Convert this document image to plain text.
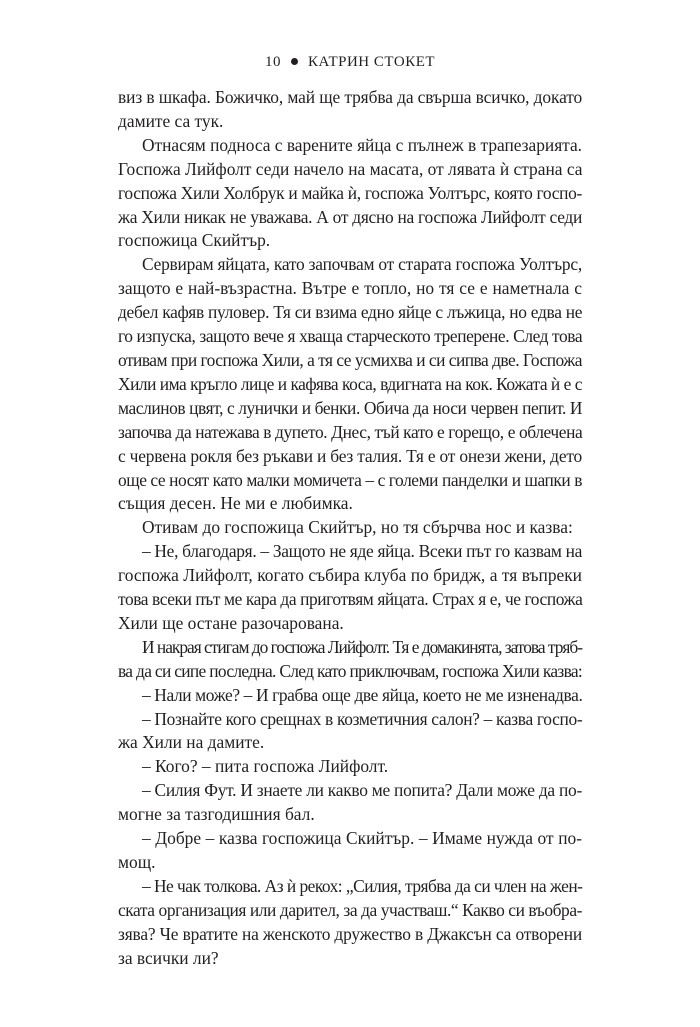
10 КАТРИН СТОКЕТ
виз в шкафа. Божичко, май ще трябва да свърша всичко, докато
дамите са тук.
Отнасям подноса с варените яйца с пълнеж в трапезарията.
Госпожа Лийфолт седи начело на масата, от лявата ѝ страна са
госпожа Хили Холбрук и майка ѝ, госпожа Уолтърс, която госпо-
жа Хили никак не уважава. А от дясно на госпожа Лийфолт седи
госпожица Скийтър.
Сервирам яйцата, като започвам от старата госпожа Уолтърс,
защото е най-възрастна. Вътре е топло, но тя се е наметнала с
дебел кафяв пуловер. Тя си взима едно яйце с лъжица, но едва не
го изпуска, защото вече я хваща старческото треперене. След това
отивам при госпожа Хили, а тя се усмихва и си сипва две. Госпожа
Хили има кръгло лице и кафява коса, вдигната на кок. Кожата ѝ е с
маслинов цвят, с лунички и бенки. Обича да носи червен пепит. И
започва да натежава в дупето. Днес, тъй като е горещо, е облечена
с червена рокля без ръкави и без талия. Тя е от онези жени, дето
още се носят като малки момичета – с големи панделки и шапки в
същия десен. Не ми е любимка.
Отивам до госпожица Скийтър, но тя сбърчва нос и казва:
– Не, благодаря. – Защото не яде яйца. Всеки път го казвам на
госпожа Лийфолт, когато събира клуба по бридж, а тя въпреки
това всеки път ме кара да приготвям яйцата. Страх я е, че госпожа
Хили ще остане разочарована.
И накрая стигам до госпожа Лийфолт. Тя е домакинята, затова тряб-
ва да си сипе последна. След като приключвам, госпожа Хили казва:
– Нали може? – И грабва още две яйца, което не ме изненадва.
– Познайте кого срещнах в козметичния салон? – казва госпо-
жа Хили на дамите.
– Кого? – пита госпожа Лийфолт.
– Силия Фут. И знаете ли какво ме попита? Дали може да по-
могне за тазгодишния бал.
– Добре – казва госпожица Скийтър. – Имаме нужда от по-
мощ.
– Не чак толкова. Аз ѝ рекох: „Силия, трябва да си член на жен-
ската организация или дарител, за да участваш.“ Какво си въобра-
зява? Че вратите на женското дружество в Джаксън са отворени
за всички ли?
